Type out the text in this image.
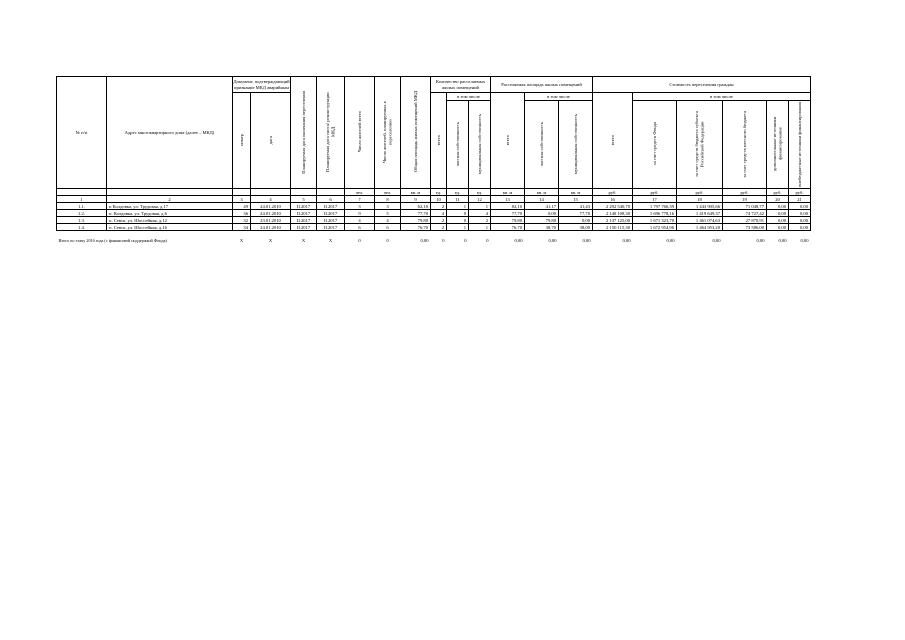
№ п/п	Адрес многоквартирного дома (далее – МКД)	Документ, подтверждающий признание МКД аварийным		Планируемая дата окончания переселения	Планируемая дата сноса/ реконструкции МКД	Число жителей всего	Число жителей, планируемых к переселению	Общая площадь жилых помещений МКД	Количество расселяемых жилых помещений			Расселяемая площадь жилых помещений			Стоимость переселения граждан					
		номер	дата						всего	в том числе		всего	в том числе		всего	в том числе				
										частная собственность	муниципальная собственность		частная собственность	муниципальная собственность		за счет средств Фонда	за счет средств бюджета субъекта Российской Федерации	за счет средств местного бюджета	дополнительные источники финансирования	внебюджетные источники финансирования

						чел.	чел.	кв. м	ед.	ед.	ед.	кв. м	кв. м	кв. м	руб.	руб.	руб.	руб.	руб.	руб.
1	2	3	4	5	6	7	8	9	10	11	12	13	14	15	16	17	18	19	20	21
1.1.	п Колдовка, ул. Трудовая, д.17	49	24.01.2010	II.2017	II.2017	3	3	62,10	2	1	1	82,10	41,17	41,43	2 292 540,70	1 797 766,39	1 443 905,66	71 048,77	0,00	0,00
1.2.	п. Колдовка, ул. Трудовая, д.6	36	24.01.2010	II.2017	II.2017	9	5	77,70	4	0	4	77,70	0,00	77,70	2 140 108,30	1 696 778,16	1 419 649,37	74 727,42	0,00	0,00
1.3.	п. Севск, ул. Шоссейная, д.12	32	23.01.2010	II.2017	II.2017	4	4	79,80	2	0	2	79,80	79,80	0,00	2 137 125,00	1 671 323,70	1 461 074,63	27 870,91	0,00	0,00
1.4.	п. Севск, ул. Шоссейная, д.16	34	24.01.2010	II.2017	II.2017	6	6	76,70	2	1	1	76,70	38,70	38,00	2 150 115,30	1 672 954,96	1 464 953,20	73 586,00	0,00	0,00

Итого по этапу 2016 года (с финансовой поддержкой Фонда)		X	X	X	X	0	0	0,00	0	0	0	0,00	0,00	0,00	0,00	0,00	0,00	0,00	0,00	0,00
